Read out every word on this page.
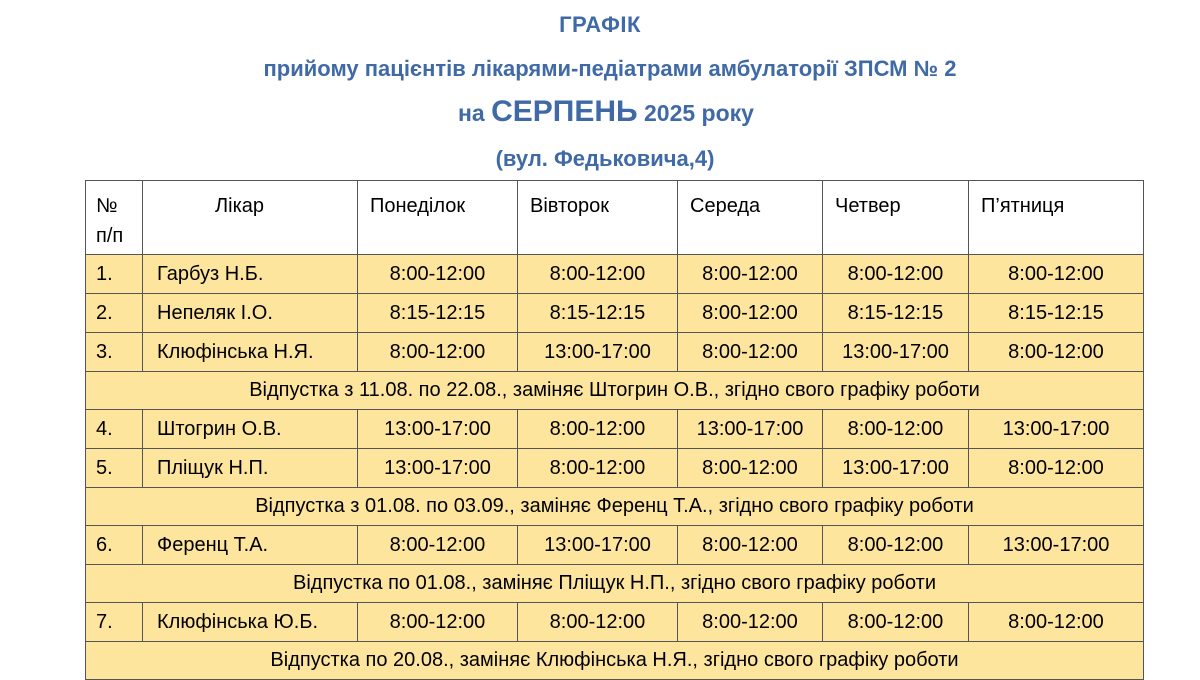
ГРАФІК
прийому пацієнтів лікарями-педіатрами амбулаторії ЗПСМ № 2
на СЕРПЕНЬ 2025 року
(вул. Федьковича,4)
№
п/п	Лікар	Понеділок	Вівторок	Середа	Четвер	П’ятниця
1.	Гарбуз Н.Б.	8:00-12:00	8:00-12:00	8:00-12:00	8:00-12:00	8:00-12:00
2.	Непеляк І.О.	8:15-12:15	8:15-12:15	8:00-12:00	8:15-12:15	8:15-12:15
3.	Клюфінська Н.Я.	8:00-12:00	13:00-17:00	8:00-12:00	13:00-17:00	8:00-12:00
Відпустка з 11.08. по 22.08., заміняє Штогрин О.В., згідно свого графіку роботи						
4.	Штогрин О.В.	13:00-17:00	8:00-12:00	13:00-17:00	8:00-12:00	13:00-17:00
5.	Пліщук Н.П.	13:00-17:00	8:00-12:00	8:00-12:00	13:00-17:00	8:00-12:00
Відпустка з 01.08. по 03.09., заміняє Ференц Т.А., згідно свого графіку роботи						
6.	Ференц Т.А.	8:00-12:00	13:00-17:00	8:00-12:00	8:00-12:00	13:00-17:00
Відпустка по 01.08., заміняє Пліщук Н.П., згідно свого графіку роботи						
7.	Клюфінська Ю.Б.	8:00-12:00	8:00-12:00	8:00-12:00	8:00-12:00	8:00-12:00
Відпустка по 20.08., заміняє Клюфінська Н.Я., згідно свого графіку роботи						
